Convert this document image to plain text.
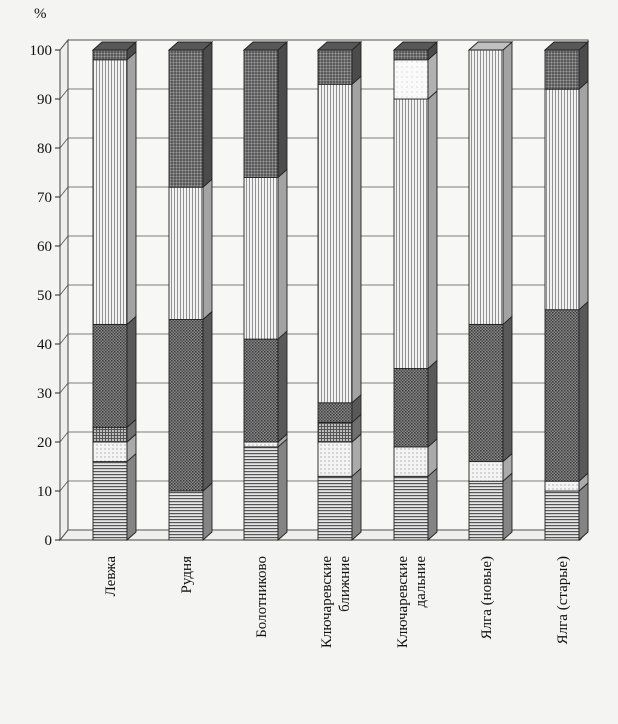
%
0
10
20
30
40
50
60
70
80
90
100
Левжа	Рудня	Болотниково	Ключаревские ближние	Ключаревские дальние	Ялга (новые)	Ялга (старые)
